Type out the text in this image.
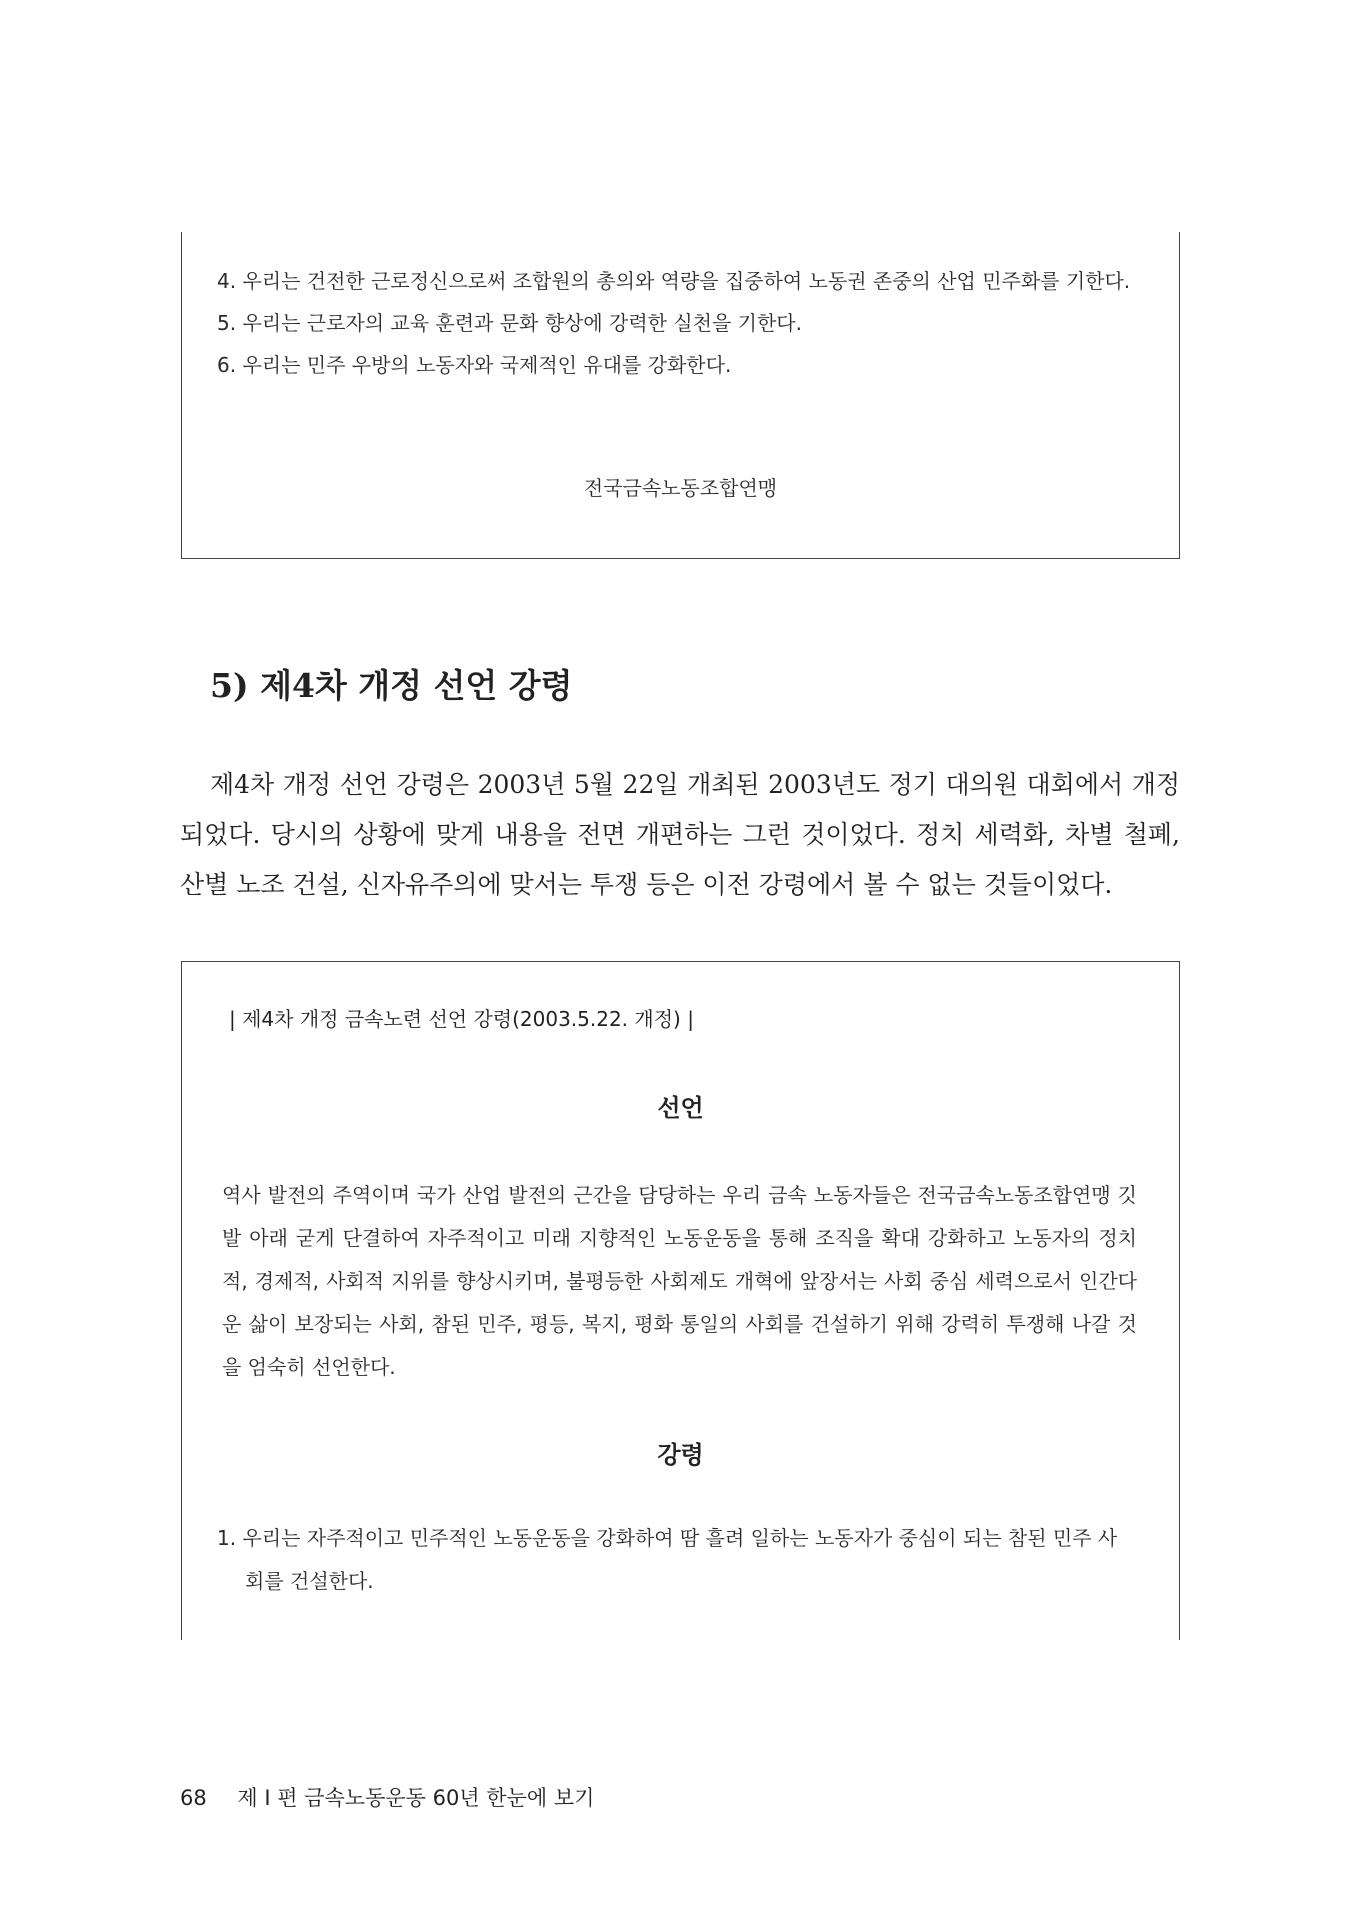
4. 우리는 건전한 근로정신으로써 조합원의 총의와 역량을 집중하여 노동권 존중의 산업 민주화를 기한다.
5. 우리는 근로자의 교육 훈련과 문화 향상에 강력한 실천을 기한다.
6. 우리는 민주 우방의 노동자와 국제적인 유대를 강화한다.
전국금속노동조합연맹
5) 제4차 개정 선언 강령

제4차 개정 선언 강령은 2003년 5월 22일 개최된 2003년도 정기 대의원 대회에서 개정되었다. 당시의 상황에 맞게 내용을 전면 개편하는 그런 것이었다. 정치 세력화, 차별 철폐, 산별 노조 건설, 신자유주의에 맞서는 투쟁 등은 이전 강령에서 볼 수 없는 것들이었다.

| 제4차 개정 금속노련 선언 강령(2003.5.22. 개정) |
선언

역사 발전의 주역이며 국가 산업 발전의 근간을 담당하는 우리 금속 노동자들은 전국금속노동조합연맹 깃발 아래 굳게 단결하여 자주적이고 미래 지향적인 노동운동을 통해 조직을 확대 강화하고 노동자의 정치적, 경제적, 사회적 지위를 향상시키며, 불평등한 사회제도 개혁에 앞장서는 사회 중심 세력으로서 인간다운 삶이 보장되는 사회, 참된 민주, 평등, 복지, 평화 통일의 사회를 건설하기 위해 강력히 투쟁해 나갈 것을 엄숙히 선언한다.

강령
1. 우리는 자주적이고 민주적인 노동운동을 강화하여 땀 흘려 일하는 노동자가 중심이 되는 참된 민주 사회를 건설한다.
68 제 I 편 금속노동운동 60년 한눈에 보기
